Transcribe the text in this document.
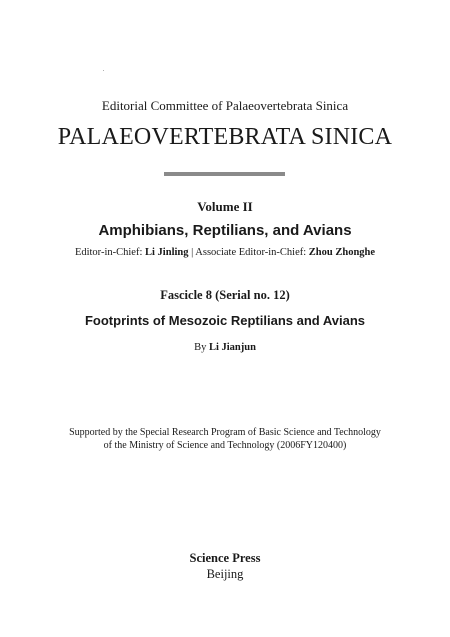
Editorial Committee of Palaeovertebrata Sinica
PALAEOVERTEBRATA SINICA
Volume II
Amphibians, Reptilians, and Avians
Editor-in-Chief: Li Jinling | Associate Editor-in-Chief: Zhou Zhonghe
Fascicle 8 (Serial no. 12)
Footprints of Mesozoic Reptilians and Avians
By Li Jianjun
Supported by the Special Research Program of Basic Science and Technology
of the Ministry of Science and Technology (2006FY120400)
Science Press
Beijing
